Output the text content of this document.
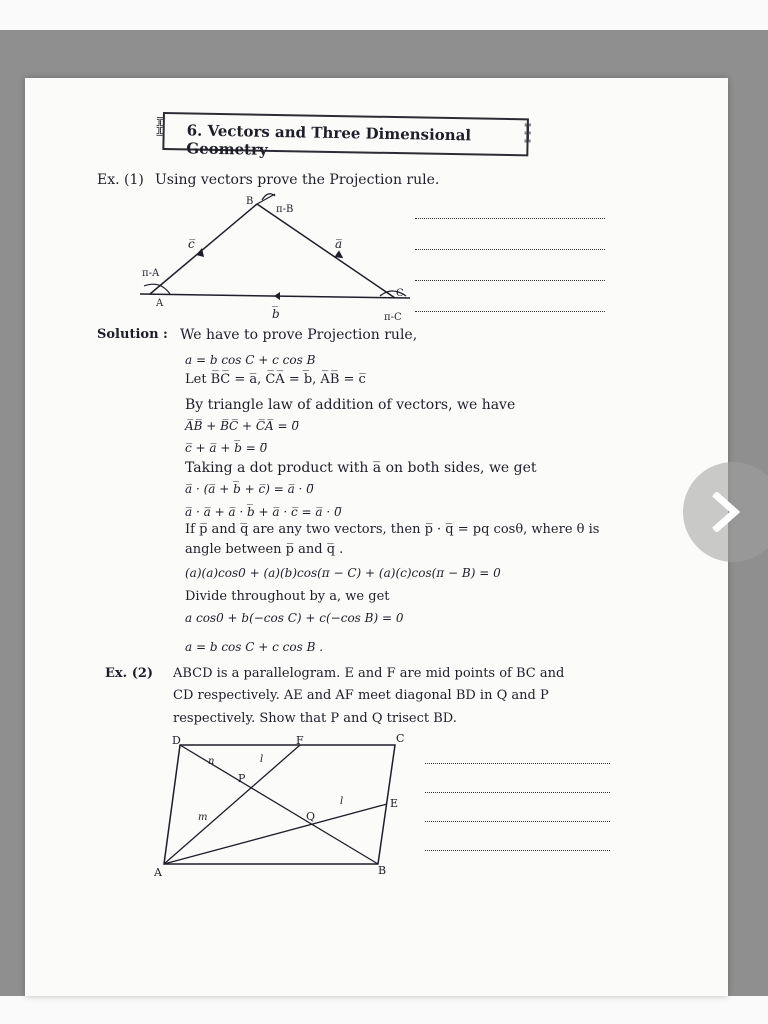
╦
╬
╩	6. Vectors and Three Dimensional Geometry
╦
╬
╩
Ex. (1) Using vectors prove the Projection rule.
B
π-B
π-A
A
C
π-C
c̅	a̅
b̅
Solution : We have to prove Projection rule,
a = b cos C + c cos B
Let B̅C̅ = a̅, C̅A̅ = b̅, A̅B̅ = c̅
By triangle law of addition of vectors, we have
A̅B̅ + B̅C̅ + C̅A̅ = 0̅
c̅ + a̅ + b̅ = 0̅
Taking a dot product with a̅ on both sides, we get
a̅ · (a̅ + b̅ + c̅) = a̅ · 0̅
a̅ · a̅ + a̅ · b̅ + a̅ · c̅ = a̅ · 0̅
If p̅ and q̅ are any two vectors, then p̅ · q̅ = pq cosθ, where θ is
angle between p̅ and q̅ .
(a)(a)cos0 + (a)(b)cos(π − C) + (a)(c)cos(π − B) = 0
Divide throughout by a, we get
a cos0 + b(−cos C) + c(−cos B) = 0
a = b cos C + c cos B .
Ex. (2) ABCD is a parallelogram. E and F are mid points of BC and
CD respectively. AE and AF meet diagonal BD in Q and P
respectively. Show that P and Q trisect BD.
D	F	C
A	B
E
P
Q
n	l
l
m
